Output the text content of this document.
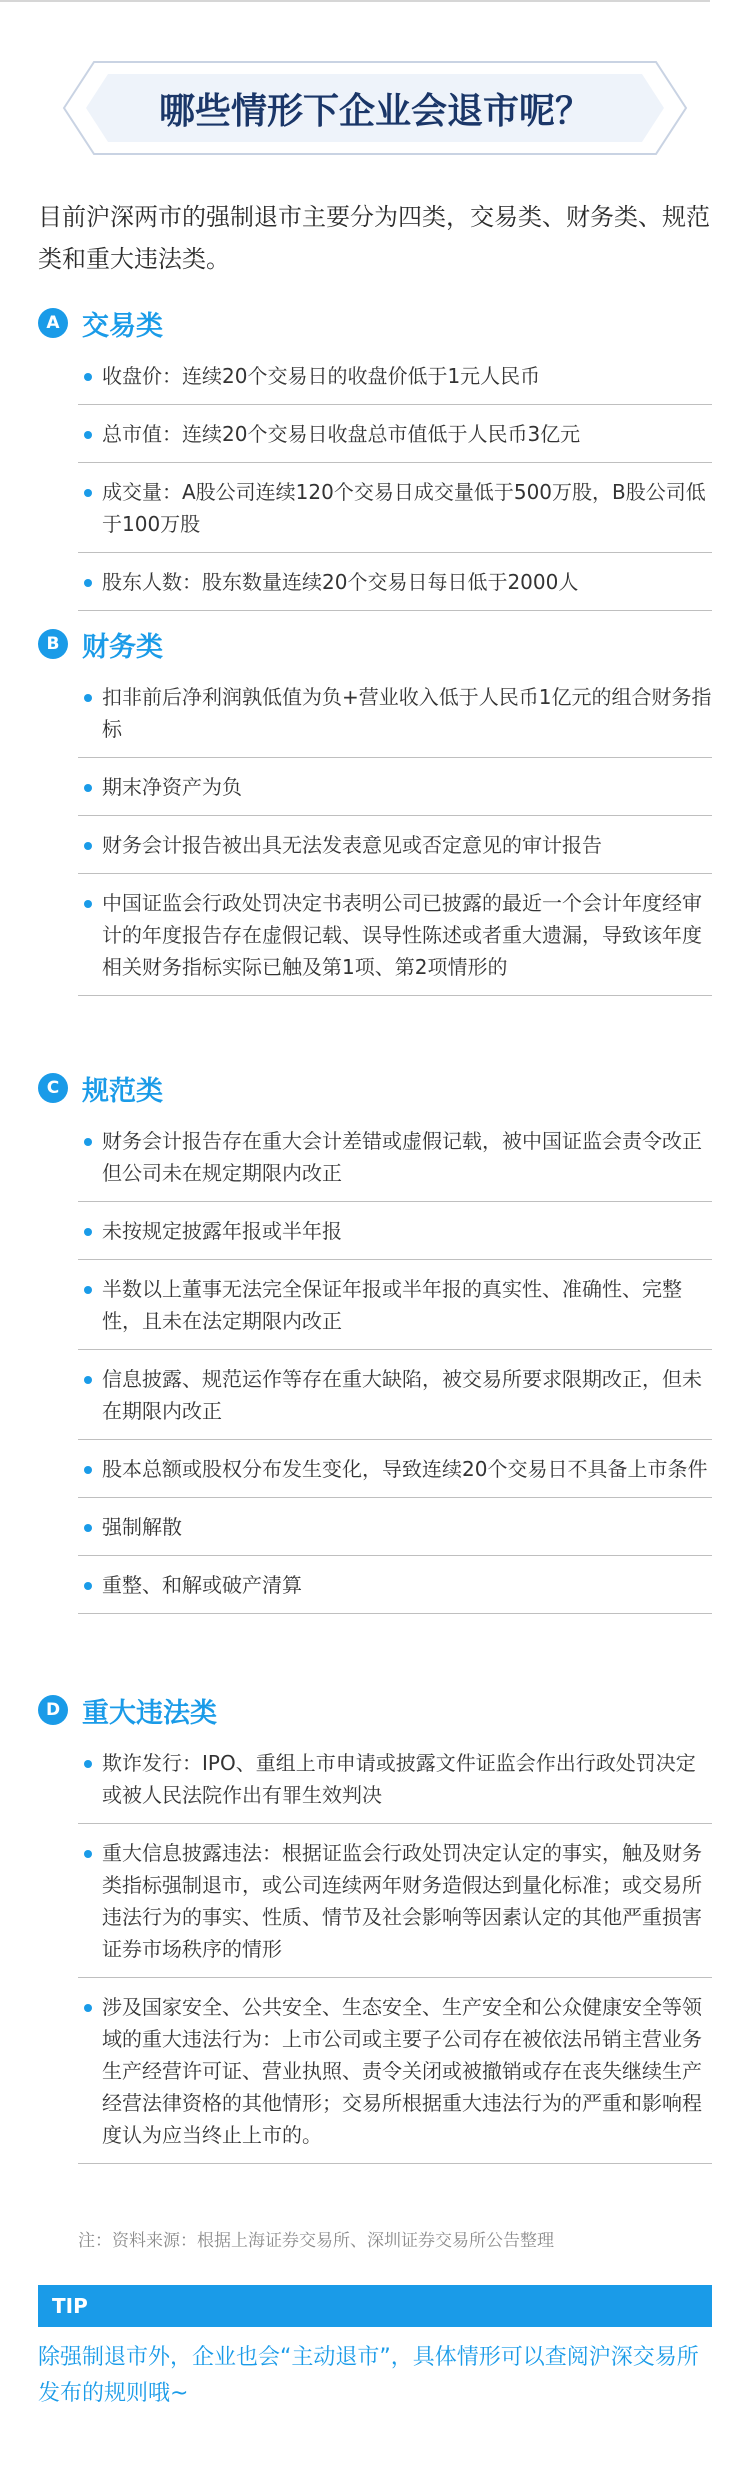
哪些情形下企业会退市呢？
目前沪深两市的强制退市主要分为四类，交易类、财务类、规范类和重大违法类。
A 交易类
收盘价：连续20个交易日的收盘价低于1元人民币
总市值：连续20个交易日收盘总市值低于人民币3亿元
成交量：A股公司连续120个交易日成交量低于500万股，B股公司低于100万股
股东人数：股东数量连续20个交易日每日低于2000人
B 财务类
扣非前后净利润孰低值为负+营业收入低于人民币1亿元的组合财务指标
期末净资产为负
财务会计报告被出具无法发表意见或否定意见的审计报告
中国证监会行政处罚决定书表明公司已披露的最近一个会计年度经审计的年度报告存在虚假记载、误导性陈述或者重大遗漏，导致该年度相关财务指标实际已触及第1项、第2项情形的
C 规范类
财务会计报告存在重大会计差错或虚假记载，被中国证监会责令改正但公司未在规定期限内改正
未按规定披露年报或半年报
半数以上董事无法完全保证年报或半年报的真实性、准确性、完整性，且未在法定期限内改正
信息披露、规范运作等存在重大缺陷，被交易所要求限期改正，但未在期限内改正
股本总额或股权分布发生变化，导致连续20个交易日不具备上市条件
强制解散
重整、和解或破产清算
D 重大违法类
欺诈发行：IPO、重组上市申请或披露文件证监会作出行政处罚决定或被人民法院作出有罪生效判决
重大信息披露违法：根据证监会行政处罚决定认定的事实，触及财务类指标强制退市，或公司连续两年财务造假达到量化标准；或交易所违法行为的事实、性质、情节及社会影响等因素认定的其他严重损害证券市场秩序的情形
涉及国家安全、公共安全、生态安全、生产安全和公众健康安全等领域的重大违法行为：上市公司或主要子公司存在被依法吊销主营业务生产经营许可证、营业执照、责令关闭或被撤销或存在丧失继续生产经营法律资格的其他情形；交易所根据重大违法行为的严重和影响程度认为应当终止上市的。
注：资料来源：根据上海证券交易所、深圳证券交易所公告整理
TIP
除强制退市外，企业也会“主动退市”，具体情形可以查阅沪深交易所发布的规则哦~
